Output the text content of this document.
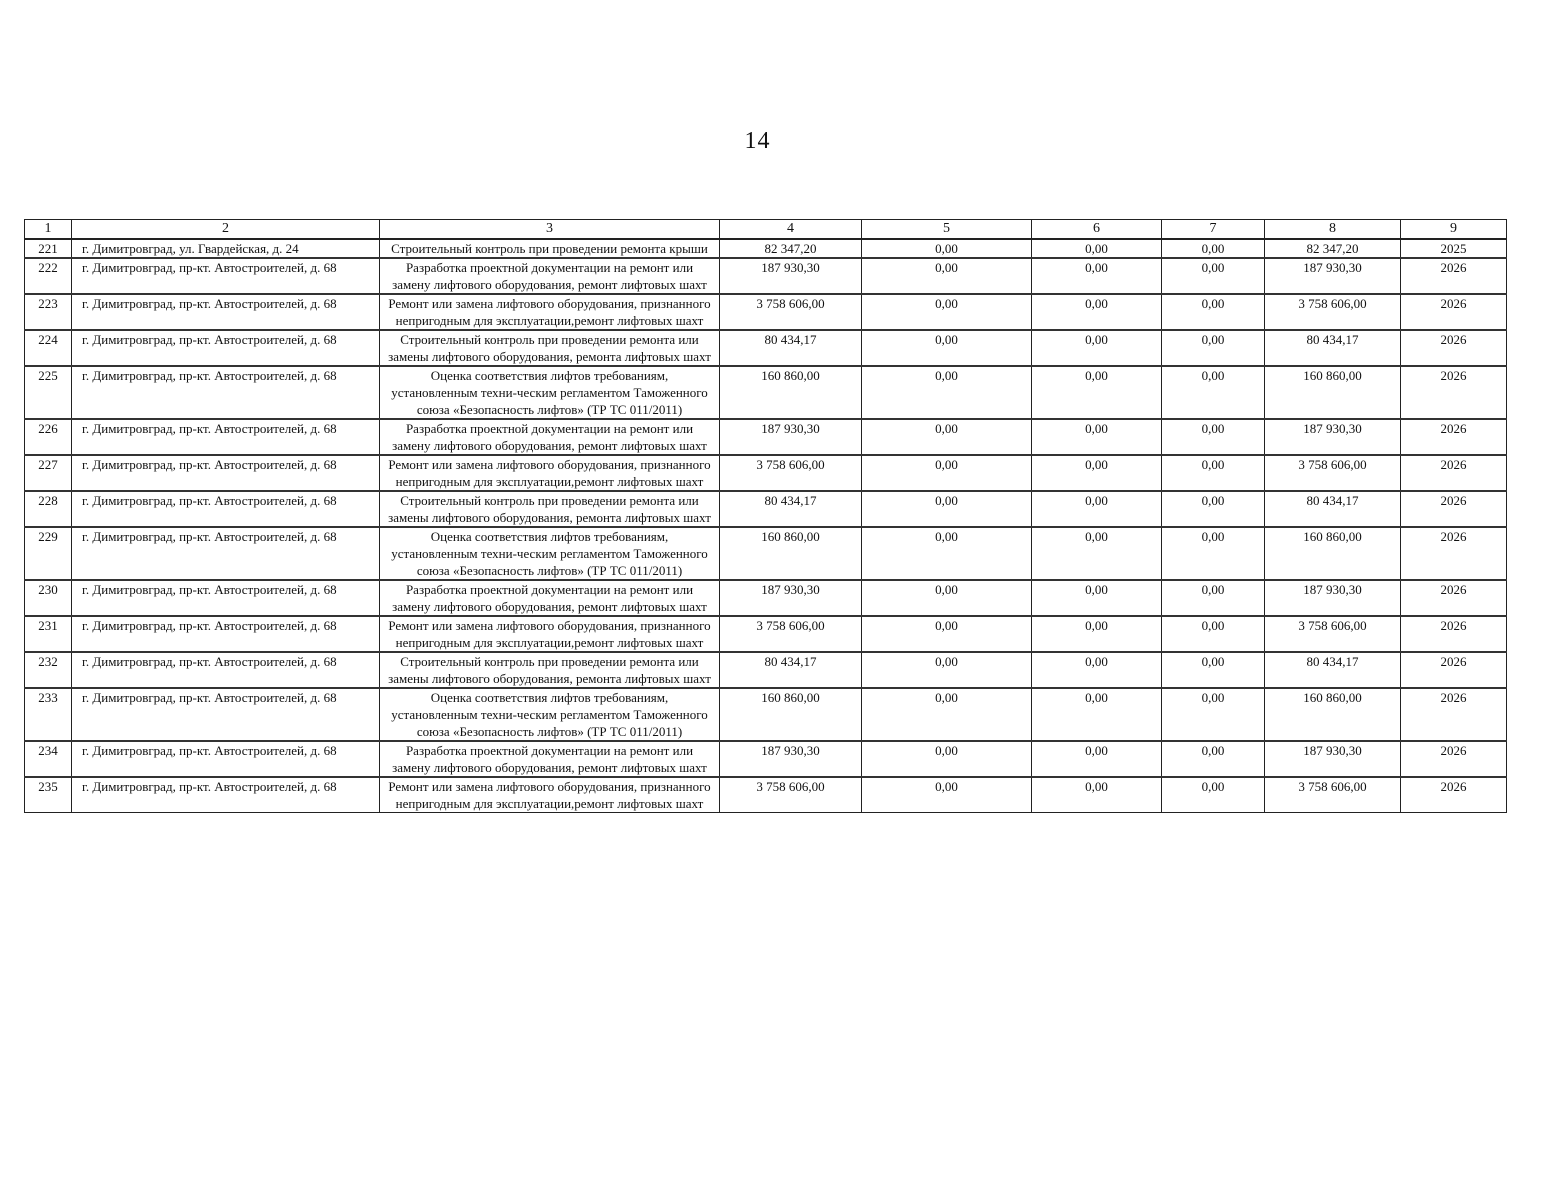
14
1	2	3	4	5	6	7	8	9
221	г. Димитровград, ул. Гвардейская, д. 24	Строительный контроль при проведении ремонта крыши	82 347,20	0,00	0,00	0,00	82 347,20	2025
222	г. Димитровград, пр-кт. Автостроителей, д. 68	Разработка проектной документации на ремонт или замену лифтового оборудования, ремонт лифтовых шахт	187 930,30	0,00	0,00	0,00	187 930,30	2026
223	г. Димитровград, пр-кт. Автостроителей, д. 68	Ремонт или замена лифтового оборудования, признанного непригодным для эксплуатации,ремонт лифтовых шахт	3 758 606,00	0,00	0,00	0,00	3 758 606,00	2026
224	г. Димитровград, пр-кт. Автостроителей, д. 68	Строительный контроль при проведении ремонта или замены лифтового оборудования, ремонта лифтовых шахт	80 434,17	0,00	0,00	0,00	80 434,17	2026
225	г. Димитровград, пр-кт. Автостроителей, д. 68	Оценка соответствия лифтов требованиям, установленным техни-ческим регламентом Таможенного союза «Безопасность лифтов» (ТР ТС 011/2011)	160 860,00	0,00	0,00	0,00	160 860,00	2026
226	г. Димитровград, пр-кт. Автостроителей, д. 68	Разработка проектной документации на ремонт или замену лифтового оборудования, ремонт лифтовых шахт	187 930,30	0,00	0,00	0,00	187 930,30	2026
227	г. Димитровград, пр-кт. Автостроителей, д. 68	Ремонт или замена лифтового оборудования, признанного непригодным для эксплуатации,ремонт лифтовых шахт	3 758 606,00	0,00	0,00	0,00	3 758 606,00	2026
228	г. Димитровград, пр-кт. Автостроителей, д. 68	Строительный контроль при проведении ремонта или замены лифтового оборудования, ремонта лифтовых шахт	80 434,17	0,00	0,00	0,00	80 434,17	2026
229	г. Димитровград, пр-кт. Автостроителей, д. 68	Оценка соответствия лифтов требованиям, установленным техни-ческим регламентом Таможенного союза «Безопасность лифтов» (ТР ТС 011/2011)	160 860,00	0,00	0,00	0,00	160 860,00	2026
230	г. Димитровград, пр-кт. Автостроителей, д. 68	Разработка проектной документации на ремонт или замену лифтового оборудования, ремонт лифтовых шахт	187 930,30	0,00	0,00	0,00	187 930,30	2026
231	г. Димитровград, пр-кт. Автостроителей, д. 68	Ремонт или замена лифтового оборудования, признанного непригодным для эксплуатации,ремонт лифтовых шахт	3 758 606,00	0,00	0,00	0,00	3 758 606,00	2026
232	г. Димитровград, пр-кт. Автостроителей, д. 68	Строительный контроль при проведении ремонта или замены лифтового оборудования, ремонта лифтовых шахт	80 434,17	0,00	0,00	0,00	80 434,17	2026
233	г. Димитровград, пр-кт. Автостроителей, д. 68	Оценка соответствия лифтов требованиям, установленным техни-ческим регламентом Таможенного союза «Безопасность лифтов» (ТР ТС 011/2011)	160 860,00	0,00	0,00	0,00	160 860,00	2026
234	г. Димитровград, пр-кт. Автостроителей, д. 68	Разработка проектной документации на ремонт или замену лифтового оборудования, ремонт лифтовых шахт	187 930,30	0,00	0,00	0,00	187 930,30	2026
235	г. Димитровград, пр-кт. Автостроителей, д. 68	Ремонт или замена лифтового оборудования, признанного непригодным для эксплуатации,ремонт лифтовых шахт	3 758 606,00	0,00	0,00	0,00	3 758 606,00	2026
